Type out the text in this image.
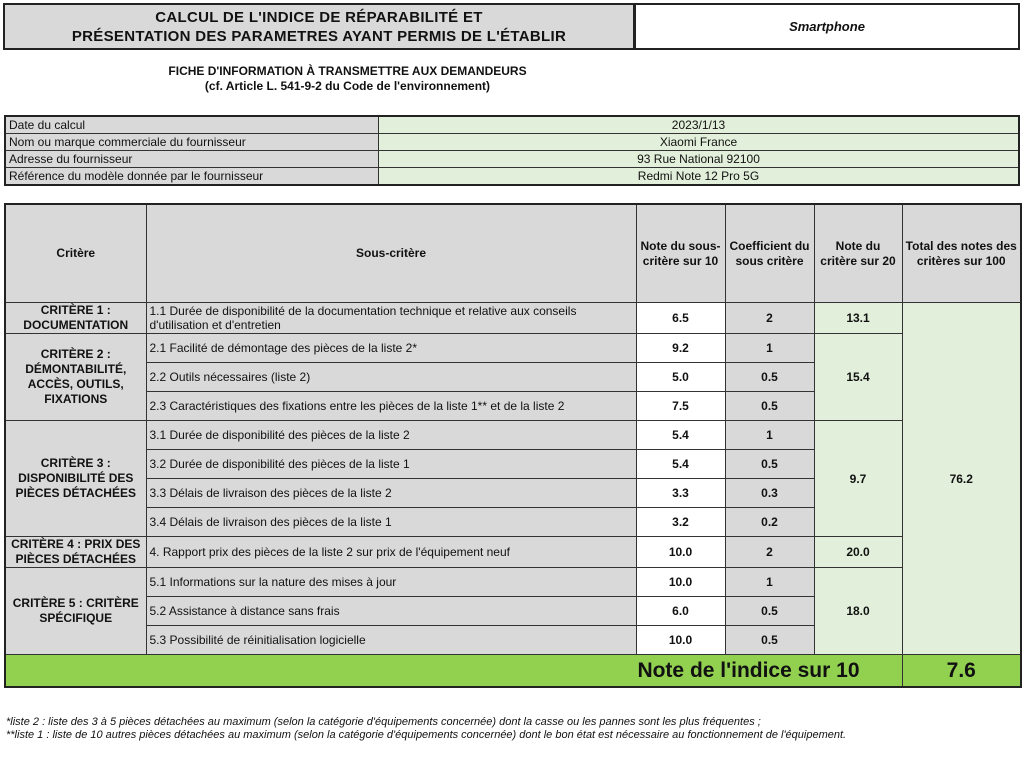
CALCUL DE L'INDICE DE RÉPARABILITÉ ET
PRÉSENTATION DES PARAMETRES AYANT PERMIS DE L'ÉTABLIR
Smartphone
FICHE D'INFORMATION À TRANSMETTRE AUX DEMANDEURS
(cf. Article L. 541-9-2 du Code de l'environnement)
Date du calcul	2023/1/13
Nom ou marque commerciale du fournisseur	Xiaomi France
Adresse du fournisseur	93 Rue National 92100
Référence du modèle donnée par le fournisseur	Redmi Note 12 Pro 5G
Critère	Sous-critère	Note du sous-critère sur 10	Coefficient du sous critère	Note du critère sur 20	Total des notes des critères sur 100
CRITÈRE 1 : DOCUMENTATION	1.1 Durée de disponibilité de la documentation technique et relative aux conseils d'utilisation et d'entretien	6.5	2	13.1	76.2
CRITÈRE 2 : DÉMONTABILITÉ, ACCÈS, OUTILS, FIXATIONS	2.1 Facilité de démontage des pièces de la liste 2*	9.2	1	15.4	
	2.2 Outils nécessaires (liste 2)	5.0	0.5		
	2.3 Caractéristiques des fixations entre les pièces de la liste 1** et de la liste 2	7.5	0.5		
CRITÈRE 3 : DISPONIBILITÉ DES PIÈCES DÉTACHÉES	3.1 Durée de disponibilité des pièces de la liste 2	5.4	1	9.7	
	3.2 Durée de disponibilité des pièces de la liste 1	5.4	0.5		
	3.3 Délais de livraison des pièces de la liste 2	3.3	0.3		
	3.4 Délais de livraison des pièces de la liste 1	3.2	0.2		
CRITÈRE 4 : PRIX DES PIÈCES DÉTACHÉES	4. Rapport prix des pièces de la liste 2 sur prix de l'équipement neuf	10.0	2	20.0	
CRITÈRE 5 : CRITÈRE SPÉCIFIQUE	5.1 Informations sur la nature des mises à jour	10.0	1	18.0	
	5.2 Assistance à distance sans frais	6.0	0.5		
	5.3 Possibilité de réinitialisation logicielle	10.0	0.5		
Note de l'indice sur 10					7.6
*liste 2 : liste des 3 à 5 pièces détachées au maximum (selon la catégorie d'équipements concernée) dont la casse ou les pannes sont les plus fréquentes ;
**liste 1 : liste de 10 autres pièces détachées au maximum (selon la catégorie d'équipements concernée) dont le bon état est nécessaire au fonctionnement de l'équipement.
